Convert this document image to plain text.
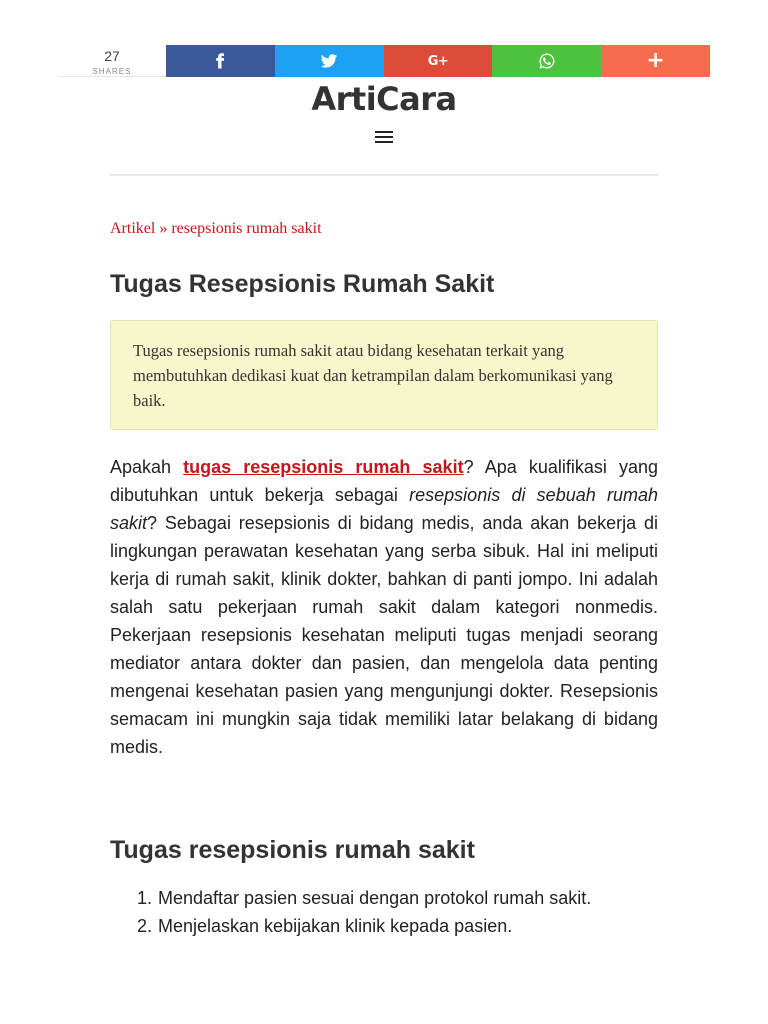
27
SHARES
G+	+
ArtiCara
Artikel » resepsionis rumah sakit
Tugas Resepsionis Rumah Sakit
Tugas resepsionis rumah sakit atau bidang kesehatan terkait yang membutuhkan dedikasi kuat dan ketrampilan dalam berkomunikasi yang baik.

Apakah tugas resepsionis rumah sakit? Apa kualifikasi yang dibutuhkan untuk bekerja sebagai resepsionis di sebuah rumah sakit? Sebagai resepsionis di bidang medis, anda akan bekerja di lingkungan perawatan kesehatan yang serba sibuk. Hal ini meliputi kerja di rumah sakit, klinik dokter, bahkan di panti jompo. Ini adalah salah satu pekerjaan rumah sakit dalam kategori nonmedis. Pekerjaan resepsionis kesehatan meliputi tugas menjadi seorang mediator antara dokter dan pasien, dan mengelola data penting mengenai kesehatan pasien yang mengunjungi dokter. Resepsionis semacam ini mungkin saja tidak memiliki latar belakang di bidang medis.

Tugas resepsionis rumah sakit
1. Mendaftar pasien sesuai dengan protokol rumah sakit.
2. Menjelaskan kebijakan klinik kepada pasien.
